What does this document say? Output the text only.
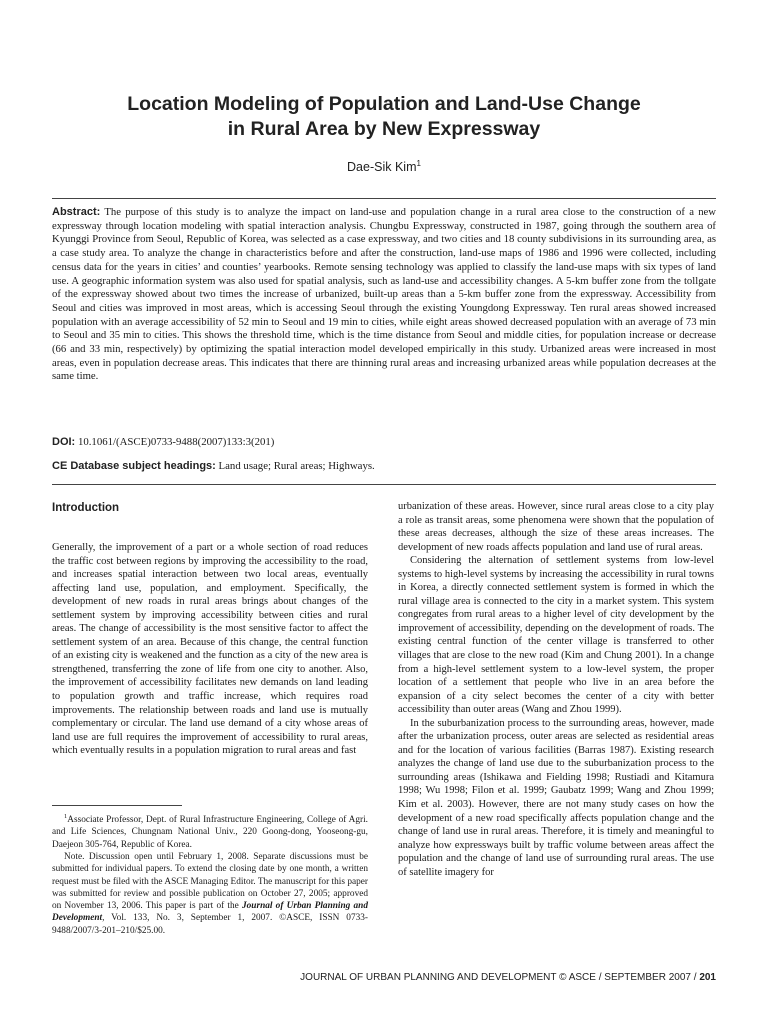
Location Modeling of Population and Land-Use Change
in Rural Area by New Expressway
Dae-Sik Kim$^1$
Abstract: The purpose of this study is to analyze the impact on land-use and population change in a rural area close to the construction of a new expressway through location modeling with spatial interaction analysis. Chungbu Expressway, constructed in 1987, going through the southern area of Kyunggi Province from Seoul, Republic of Korea, was selected as a case expressway, and two cities and 18 county subdivisions in its surrounding area, as a case study area. To analyze the change in characteristics before and after the construction, land-use maps of 1986 and 1996 were collected, including census data for the years in cities’ and counties’ yearbooks. Remote sensing technology was applied to classify the land-use maps with six types of land use. A geographic information system was also used for spatial analysis, such as land-use and accessibility changes. A 5-km buffer zone from the tollgate of the expressway showed about two times the increase of urbanized, built-up areas than a 5-km buffer zone from the expressway. Accessibility from Seoul and cities was improved in most areas, which is accessing Seoul through the existing Youngdong Expressway. Ten rural areas showed increased population with an average accessibility of 52 min to Seoul and 19 min to cities, while eight areas showed decreased population with an average of 73 min to Seoul and 35 min to cities. This shows the threshold time, which is the time distance from Seoul and middle cities, for population increase or decrease (66 and 33 min, respectively) by optimizing the spatial interaction model developed empirically in this study. Urbanized areas were increased in most areas, even in population decrease areas. This indicates that there are thinning rural areas and increasing urbanized areas while population decreases at the same time.
DOI: 10.1061/(ASCE)0733-9488(2007)133:3(201)
CE Database subject headings: Land usage; Rural areas; Highways.
Introduction

Generally, the improvement of a part or a whole section of road reduces the traffic cost between regions by improving the accessibility to the road, and increases spatial interaction between two local areas, eventually affecting land use, population, and employment. Specifically, the development of new roads in rural areas brings about changes of the settlement system by improving accessibility between cities and rural areas. The change of accessibility is the most sensitive factor to affect the settlement system of an area. Because of this change, the central function of an existing city is weakened and the function as a city of the new area is strengthened, transferring the zone of life from one city to another. Also, the improvement of accessibility facilitates new demands on land leading to population growth and traffic increase, which requires road improvements. The relationship between roads and land use is mutually complementary or circular. The land use demand of a city whose areas of land use are full requires the improvement of accessibility to rural areas, which eventually results in a population migration to rural areas and fast

urbanization of these areas. However, since rural areas close to a city play a role as transit areas, some phenomena were shown that the population of these areas decreases, although the size of these areas increases. The development of new roads affects population and land use of rural areas.

Considering the alternation of settlement systems from low-level systems to high-level systems by increasing the accessibility in rural towns in Korea, a directly connected settlement system is formed in which the rural village area is connected to the city in a market system. This system congregates from rural areas to a higher level of city development by the improvement of accessibility, depending on the development of roads. The existing central function of the center village is transferred to other villages that are close to the new road (Kim and Chung 2001). In a change from a high-level settlement system to a low-level system, the proper location of a settlement that people who live in an area before the expansion of a city select becomes the center of a city with better accessibility than outer areas (Wang and Zhou 1999).

In the suburbanization process to the surrounding areas, however, made after the urbanization process, outer areas are selected as residential areas and for the location of various facilities (Barras 1987). Existing research analyzes the change of land use due to the suburbanization process to the surrounding areas (Ishikawa and Fielding 1998; Rustiadi and Kitamura 1998; Wu 1998; Filon et al. 1999; Gaubatz 1999; Wang and Zhou 1999; Kim et al. 2003). However, there are not many study cases on how the development of a new road specifically affects population change and the change of land use in rural areas. Therefore, it is timely and meaningful to analyze how expressways built by traffic volume between areas affect the population and the change of land use of surrounding rural areas. The use of satellite imagery for

$^1$Associate Professor, Dept. of Rural Infrastructure Engineering, College of Agri. and Life Sciences, Chungnam National Univ., 220 Goong-dong, Yooseong-gu, Daejeon 305-764, Republic of Korea.

Note. Discussion open until February 1, 2008. Separate discussions must be submitted for individual papers. To extend the closing date by one month, a written request must be filed with the ASCE Managing Editor. The manuscript for this paper was submitted for review and possible publication on October 27, 2005; approved on November 13, 2006. This paper is part of the Journal of Urban Planning and Development, Vol. 133, No. 3, September 1, 2007. ©ASCE, ISSN 0733-9488/2007/3-201–210/$25.00.

JOURNAL OF URBAN PLANNING AND DEVELOPMENT © ASCE / SEPTEMBER 2007 / 201
